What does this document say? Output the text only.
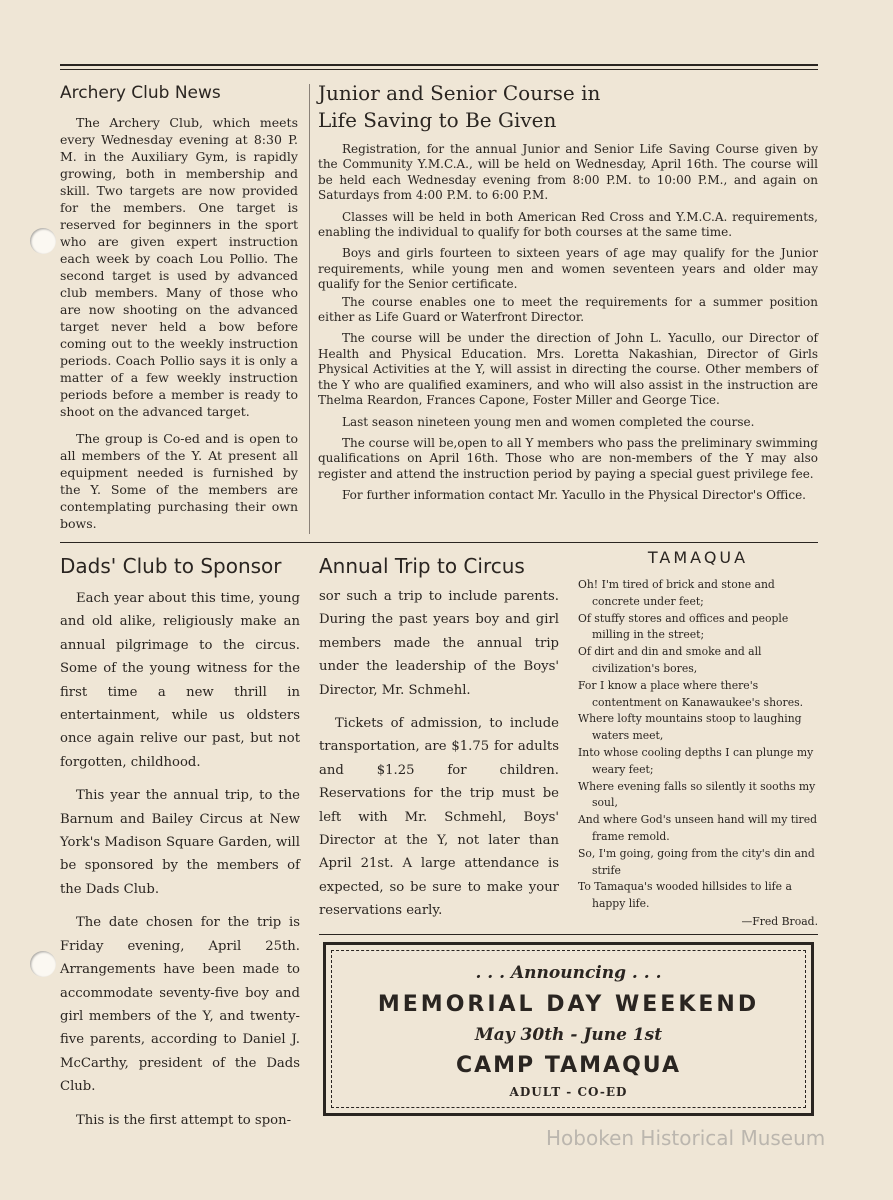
Archery Club News

The Archery Club, which meets every Wednesday evening at 8:30 P. M. in the Auxiliary Gym, is rapidly growing, both in membership and skill. Two targets are now provided for the members. One target is reserved for beginners in the sport who are given expert instruction each week by coach Lou Pollio. The second target is used by advanced club members. Many of those who are now shooting on the advanced target never held a bow before coming out to the weekly instruction periods. Coach Pollio says it is only a matter of a few weekly instruction periods before a member is ready to shoot on the advanced target.

The group is Co-ed and is open to all members of the Y. At present all equipment needed is furnished by the Y. Some of the members are contemplating purchasing their own bows.

Junior and Senior Course in
Life Saving to Be Given

Registration, for the annual Junior and Senior Life Saving Course given by the Community Y.M.C.A., will be held on Wednesday, April 16th. The course will be held each Wednesday evening from 8:00 P.M. to 10:00 P.M., and again on Saturdays from 4:00 P.M. to 6:00 P.M.

Classes will be held in both American Red Cross and Y.M.C.A. requirements, enabling the individual to qualify for both courses at the same time.

Boys and girls fourteen to sixteen years of age may qualify for the Junior requirements, while young men and women seventeen years and older may qualify for the Senior certificate.

The course enables one to meet the requirements for a summer position either as Life Guard or Waterfront Director.

The course will be under the direction of John L. Yacullo, our Director of Health and Physical Education. Mrs. Loretta Nakashian, Director of Girls Physical Activities at the Y, will assist in directing the course. Other members of the Y who are qualified examiners, and who will also assist in the instruction are Thelma Reardon, Frances Capone, Foster Miller and George Tice.

Last season nineteen young men and women completed the course.

The course will be,open to all Y members who pass the preliminary swimming qualifications on April 16th. Those who are non-members of the Y may also register and attend the instruction period by paying a special guest privilege fee.

For further information contact Mr. Yacullo in the Physical Director's Office.

Dads' Club to Sponsor	Annual Trip to Circus

Each year about this time, young and old alike, religiously make an annual pilgrimage to the circus. Some of the young witness for the first time a new thrill in entertainment, while us oldsters once again relive our past, but not forgotten, childhood.

This year the annual trip, to the Barnum and Bailey Circus at New York's Madison Square Garden, will be sponsored by the members of the Dads Club.

The date chosen for the trip is Friday evening, April 25th. Arrangements have been made to accommodate seventy-five boy and girl members of the Y, and twenty-five parents, according to Daniel J. McCarthy, president of the Dads Club.

This is the first attempt to spon-

sor such a trip to include parents. During the past years boy and girl members made the annual trip under the leadership of the Boys' Director, Mr. Schmehl.

Tickets of admission, to include transportation, are $1.75 for adults and $1.25 for children. Reservations for the trip must be left with Mr. Schmehl, Boys' Director at the Y, not later than April 21st. A large attendance is expected, so be sure to make your reservations early.

TAMAQUA

Oh! I'm tired of brick and stone and concrete under feet;

Of stuffy stores and offices and people milling in the street;

Of dirt and din and smoke and all civilization's bores,

For I know a place where there's contentment on Kanawaukee's shores.

Where lofty mountains stoop to laughing waters meet,

Into whose cooling depths I can plunge my weary feet;

Where evening falls so silently it sooths my soul,

And where God's unseen hand will my tired frame remold.

So, I'm going, going from the city's din and strife

To Tamaqua's wooded hillsides to life a happy life.

—Fred Broad.
. . . Announcing . . .
MEMORIAL DAY WEEKEND
May 30th - June 1st
CAMP TAMAQUA
ADULT - CO-ED
Hoboken Historical Museum
